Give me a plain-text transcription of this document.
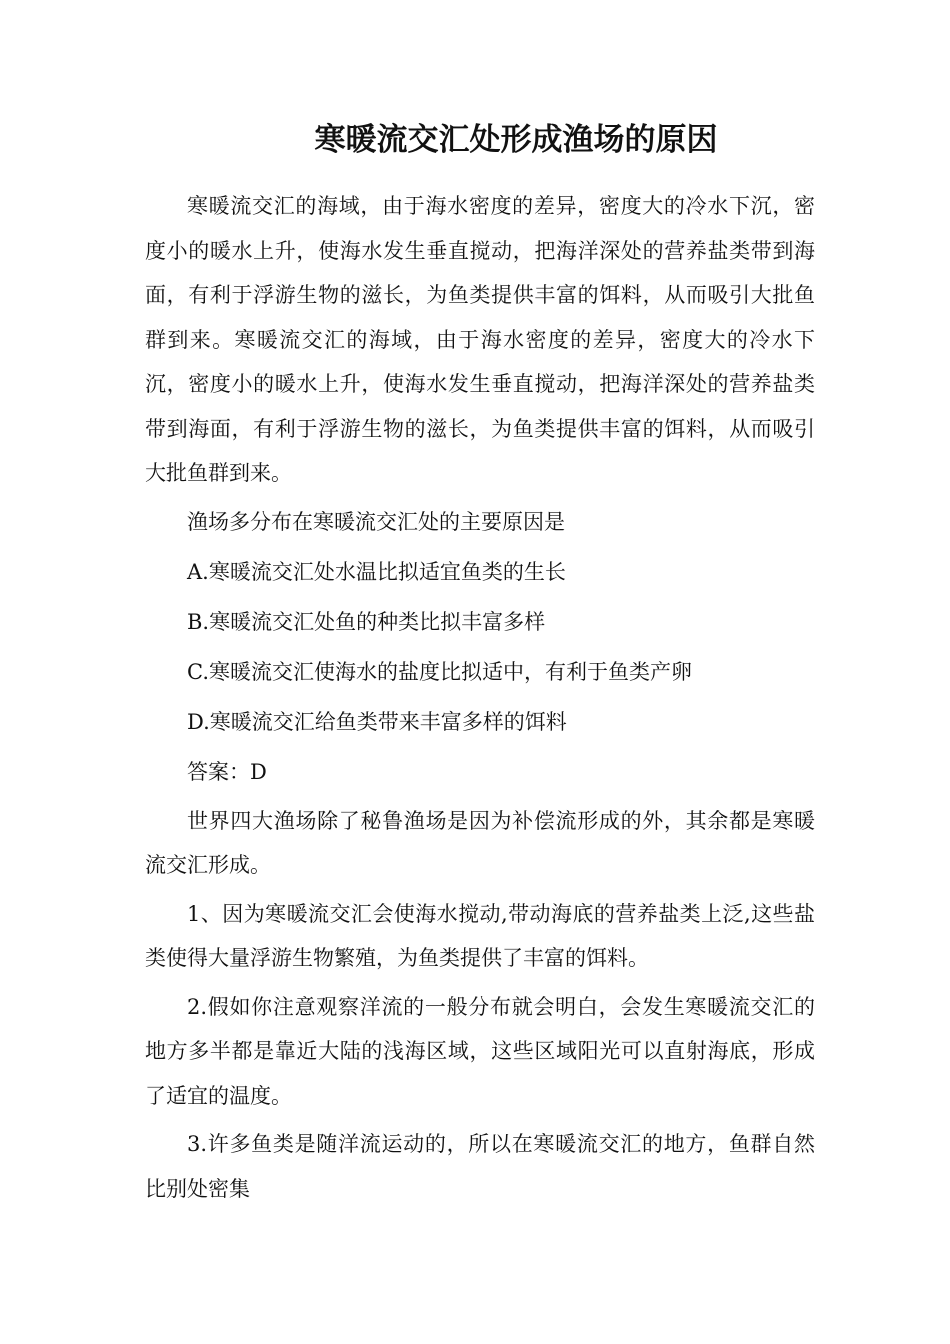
寒暖流交汇处形成渔场的原因

寒暖流交汇的海域，由于海水密度的差异，密度大的冷水下沉，密度小的暖水上升，使海水发生垂直搅动，把海洋深处的营养盐类带到海面，有利于浮游生物的滋长，为鱼类提供丰富的饵料，从而吸引大批鱼群到来。寒暖流交汇的海域，由于海水密度的差异，密度大的冷水下沉，密度小的暖水上升，使海水发生垂直搅动，把海洋深处的营养盐类带到海面，有利于浮游生物的滋长，为鱼类提供丰富的饵料，从而吸引大批鱼群到来。

渔场多分布在寒暖流交汇处的主要原因是

A.寒暖流交汇处水温比拟适宜鱼类的生长

B.寒暖流交汇处鱼的种类比拟丰富多样

C.寒暖流交汇使海水的盐度比拟适中，有利于鱼类产卵

D.寒暖流交汇给鱼类带来丰富多样的饵料

答案：D

世界四大渔场除了秘鲁渔场是因为补偿流形成的外，其余都是寒暖流交汇形成。

1、因为寒暖流交汇会使海水搅动,带动海底的营养盐类上泛,这些盐类使得大量浮游生物繁殖，为鱼类提供了丰富的饵料。

2.假如你注意观察洋流的一般分布就会明白，会发生寒暖流交汇的地方多半都是靠近大陆的浅海区域，这些区域阳光可以直射海底，形成了适宜的温度。

3.许多鱼类是随洋流运动的，所以在寒暖流交汇的地方，鱼群自然比别处密集
